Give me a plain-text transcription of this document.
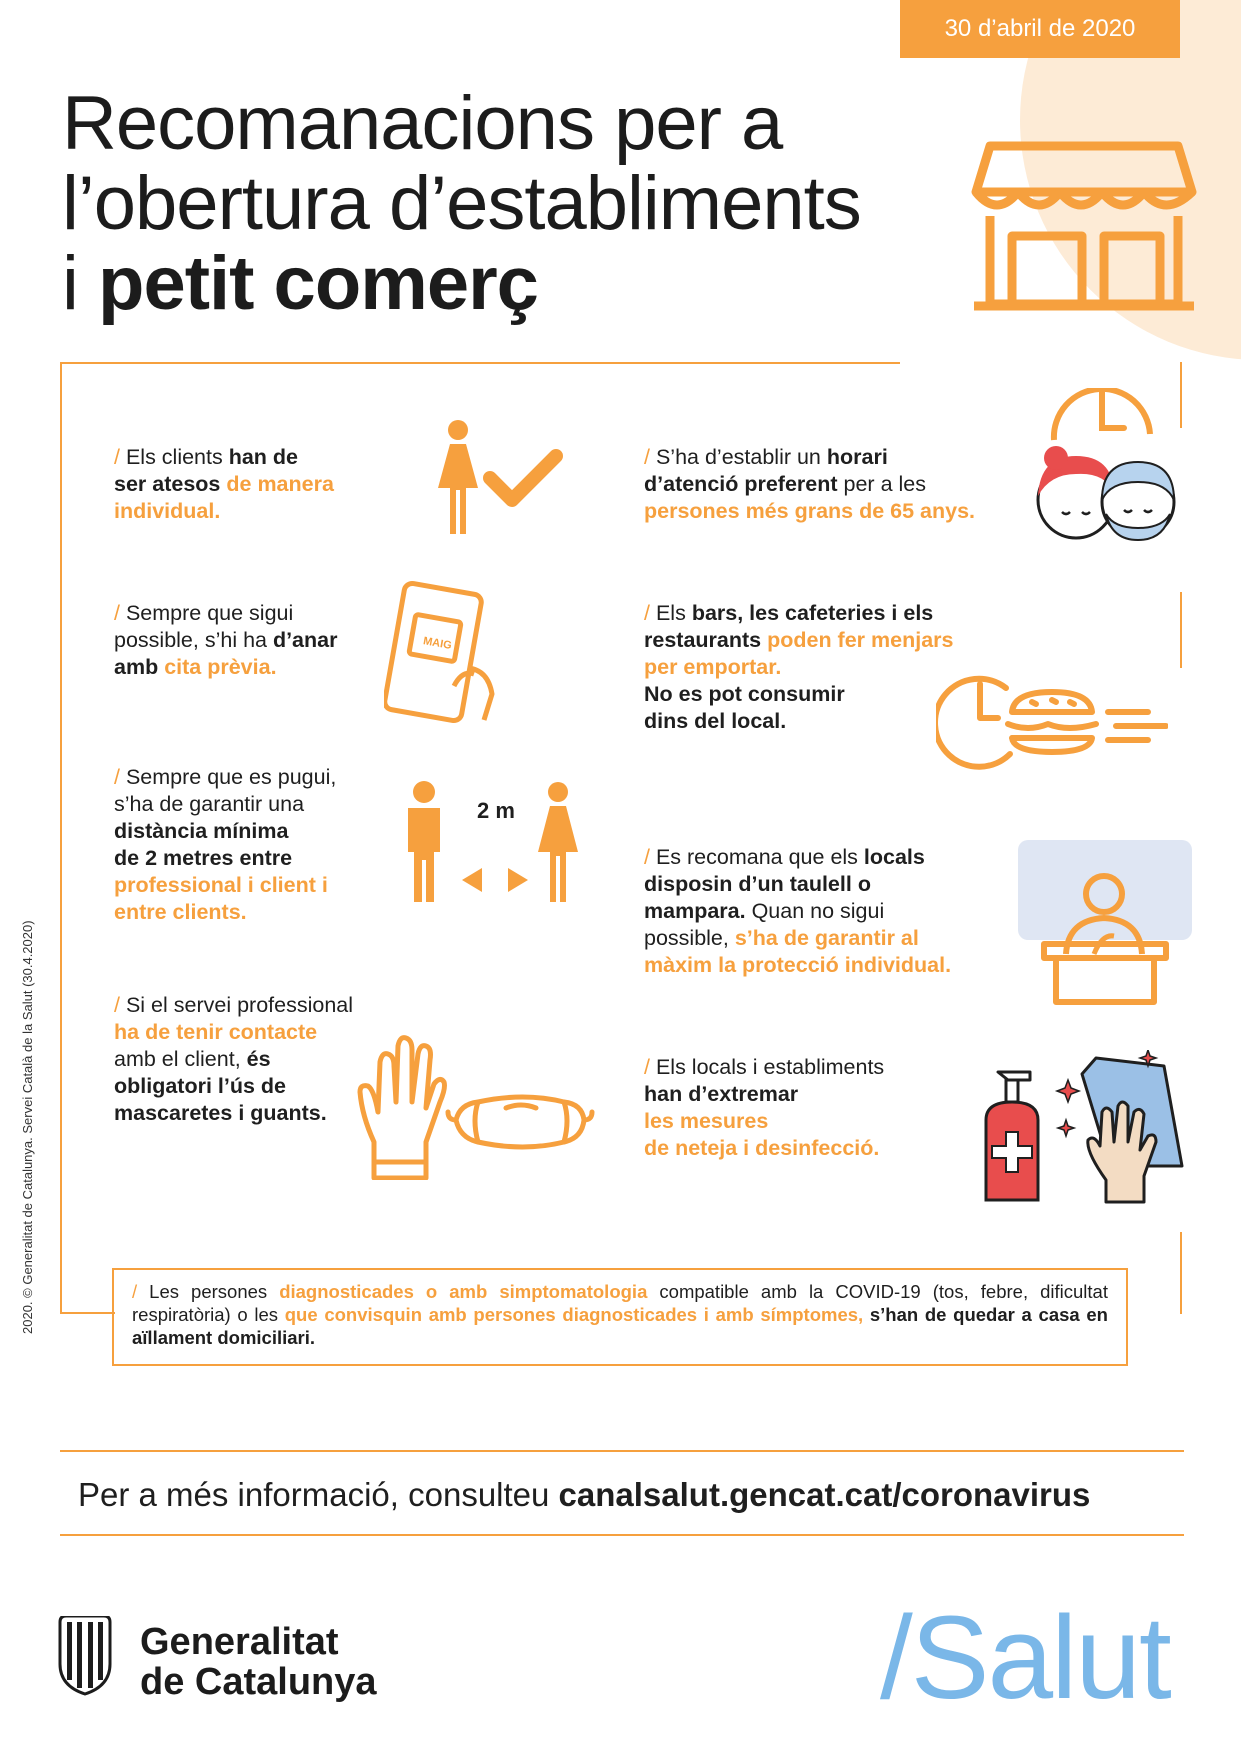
30 d’abril de 2020
Recomanacions per a
l’obertura d’establiments
i petit comerç
/ Els clients han de
ser atesos de manera
individual.
/ Sempre que sigui
possible, s’hi ha d’anar
amb cita prèvia.
MAIG
/ Sempre que es pugui,
s’ha de garantir una
distància mínima
de 2 metres entre
professional i client i
entre clients.
2 m
/ Si el servei professional
ha de tenir contacte
amb el client, és
obligatori l’ús de
mascaretes i guants.
/ S’ha d’establir un horari
d’atenció preferent per a les
persones més grans de 65 anys.
/ Els bars, les cafeteries i els
restaurants poden fer menjars
per emportar.
No es pot consumir
dins del local.
/ Es recomana que els locals
disposin d’un taulell o
mampara. Quan no sigui
possible, s’ha de garantir al
màxim la protecció individual.
/ Els locals i establiments
han d’extremar
les mesures
de neteja i desinfecció.
/ Les persones diagnosticades o amb simptomatologia compatible amb la COVID-19 (tos, febre, dificultat respiratòria) o les que convisquin amb persones diagnosticades i amb símptomes, s’han de quedar a casa en aïllament domiciliari.
Per a més informació, consulteu canalsalut.gencat.cat/coronavirus
2020. © Generalitat de Catalunya. Servei Català de la Salut (30.4.2020)
Generalitat
de Catalunya	/Salut
